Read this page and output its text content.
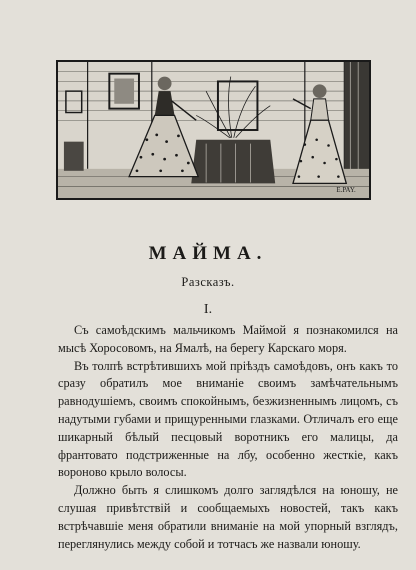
E.PAY.
МАЙМА.
Разсказъ.
I.

Съ самоѣдскимъ мальчикомъ Маймой я познакомился на мысѣ Хоросовомъ, на Ямалѣ, на берегу Карскаго моря.

Въ толпѣ встрѣтившихъ мой пріѣздъ самоѣдовъ, онъ какъ то сразу обратилъ мое вниманіе своимъ замѣчательнымъ равнодушіемъ, своимъ спокойнымъ, безжизненнымъ лицомъ, съ надутыми губами и прищуренными глазками. Отличалъ его еще шикарный бѣлый песцовый воротникъ его малицы, да франтовато подстриженные на лбу, особенно жесткіе, какъ вороново крыло волосы.

Должно быть я слишкомъ долго заглядѣлся на юношу, не слушая привѣтствій и сообщаемыхъ новостей, такъ какъ встрѣчавшіе меня обратили вниманіе на мой упорный взглядъ, переглянулись между собой и тотчасъ же назвали юношу.
